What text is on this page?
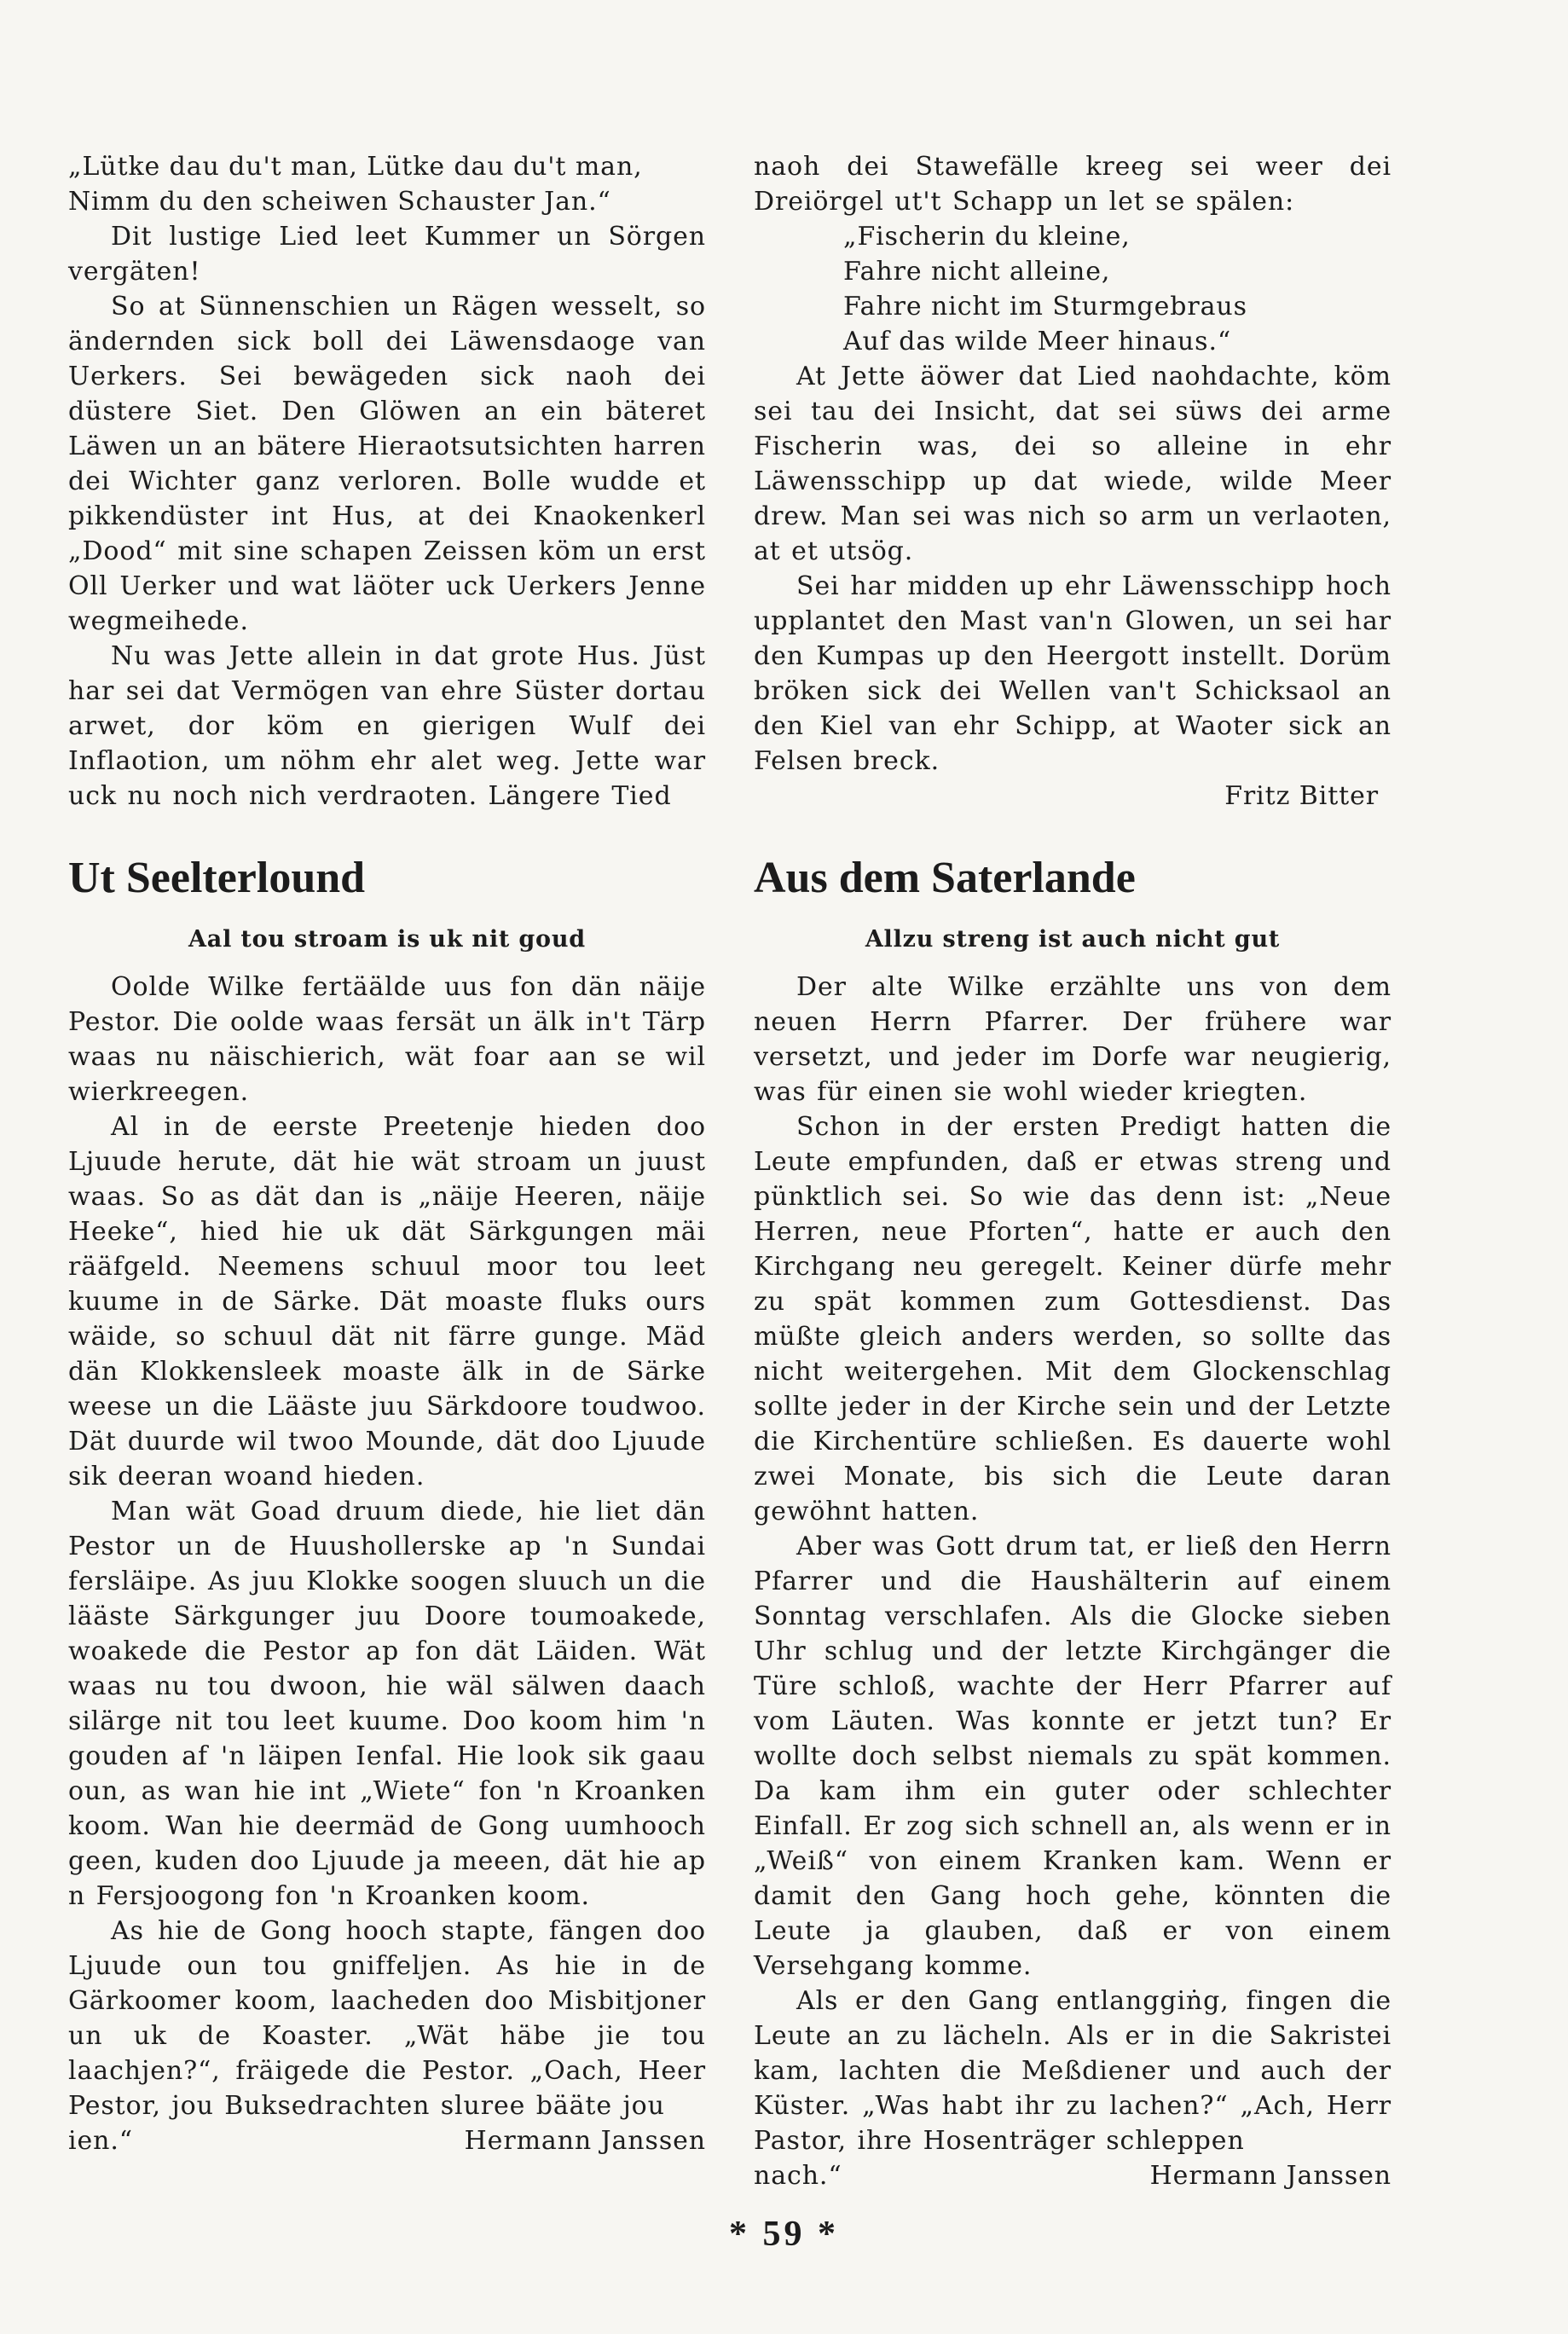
„Lütke dau du't man, Lütke dau du't man,
Nimm du den scheiwen Schauster Jan.“

Dit lustige Lied leet Kummer un Sörgen vergäten!

So at Sünnenschien un Rägen wesselt, so ändernden sick boll dei Läwensdaoge van Uerkers. Sei bewägeden sick naoh dei düstere Siet. Den Glöwen an ein bäteret Läwen un an bätere Hieraotsutsichten harren dei Wichter ganz verloren. Bolle wudde et pikkendüster int Hus, at dei Knaokenkerl „Dood“ mit sine schapen Zeissen köm un erst Oll Uerker und wat läöter uck Uerkers Jenne wegmeihede.

Nu was Jette allein in dat grote Hus. Jüst har sei dat Vermögen van ehre Süster dortau arwet, dor köm en gierigen Wulf dei Inflaotion, um nöhm ehr alet weg. Jette war uck nu noch nich verdraoten. Längere Tied

naoh dei Stawefälle kreeg sei weer dei Dreiörgel ut't Schapp un let se spälen:

„Fischerin du kleine,
Fahre nicht alleine,
Fahre nicht im Sturmgebraus
Auf das wilde Meer hinaus.“

At Jette äöwer dat Lied naohdachte, köm sei tau dei Insicht, dat sei süws dei arme Fischerin was, dei so alleine in ehr Läwensschipp up dat wiede, wilde Meer drew. Man sei was nich so arm un verlaoten, at et utsög.

Sei har midden up ehr Läwensschipp hoch upplantet den Mast van'n Glowen, un sei har den Kumpas up den Heergott instellt. Dorüm bröken sick dei Wellen van't Schicksaol an den Kiel van ehr Schipp, at Waoter sick an Felsen breck.

Fritz Bitter

Ut Seelterlound

Aal tou stroam is uk nit goud

Oolde Wilke fertäälde uus fon dän näije Pestor. Die oolde waas fersät un älk in't Tärp waas nu näischierich, wät foar aan se wil wierkreegen.

Al in de eerste Preetenje hieden doo Ljuude herute, dät hie wät stroam un juust waas. So as dät dan is „näije Heeren, näije Heeke“, hied hie uk dät Särkgungen mäi rääfgeld. Neemens schuul moor tou leet kuume in de Särke. Dät moaste fluks ours wäide, so schuul dät nit färre gunge. Mäd dän Klokkensleek moaste älk in de Särke weese un die Lääste juu Särkdoore toudwoo. Dät duurde wil twoo Mounde, dät doo Ljuude sik deeran woand hieden.

Man wät Goad druum diede, hie liet dän Pestor un de Huushollerske ap 'n Sundai fersläipe. As juu Klokke soogen sluuch un die lääste Särkgunger juu Doore toumoakede, woakede die Pestor ap fon dät Läiden. Wät waas nu tou dwoon, hie wäl sälwen daach silärge nit tou leet kuume. Doo koom him 'n gouden af 'n läipen Ienfal. Hie look sik gaau oun, as wan hie int „Wiete“ fon 'n Kroanken koom. Wan hie deermäd de Gong uumhooch geen, kuden doo Ljuude ja meeen, dät hie ap n Fersjoogong fon 'n Kroanken koom.

As hie de Gong hooch stapte, fängen doo Ljuude oun tou gniffeljen. As hie in de Gärkoomer koom, laacheden doo Misbitjoner un uk de Koaster. „Wät häbe jie tou laachjen?“, fräigede die Pestor. „Oach, Heer Pestor, jou Buksedrachten sluree bääte jou

ien.“	Hermann Janssen
Aus dem Saterlande

Allzu streng ist auch nicht gut

Der alte Wilke erzählte uns von dem neuen Herrn Pfarrer. Der frühere war versetzt, und jeder im Dorfe war neugierig, was für einen sie wohl wieder kriegten.

Schon in der ersten Predigt hatten die Leute empfunden, daß er etwas streng und pünktlich sei. So wie das denn ist: „Neue Herren, neue Pforten“, hatte er auch den Kirchgang neu geregelt. Keiner dürfe mehr zu spät kommen zum Gottesdienst. Das müßte gleich anders werden, so sollte das nicht weitergehen. Mit dem Glockenschlag sollte jeder in der Kirche sein und der Letzte die Kirchentüre schließen. Es dauerte wohl zwei Monate, bis sich die Leute daran gewöhnt hatten.

Aber was Gott drum tat, er ließ den Herrn Pfarrer und die Haushälterin auf einem Sonntag verschlafen. Als die Glocke sieben Uhr schlug und der letzte Kirchgänger die Türe schloß, wachte der Herr Pfarrer auf vom Läuten. Was konnte er jetzt tun? Er wollte doch selbst niemals zu spät kommen. Da kam ihm ein guter oder schlechter Einfall. Er zog sich schnell an, als wenn er in „Weiß“ von einem Kranken kam. Wenn er damit den Gang hoch gehe, könnten die Leute ja glauben, daß er von einem Versehgang komme.

Als er den Gang entlanggiṅg, fingen die Leute an zu lächeln. Als er in die Sakristei kam, lachten die Meßdiener und auch der Küster. „Was habt ihr zu lachen?“ „Ach, Herr Pastor, ihre Hosenträger schleppen

nach.“	Hermann Janssen
* 59 *
